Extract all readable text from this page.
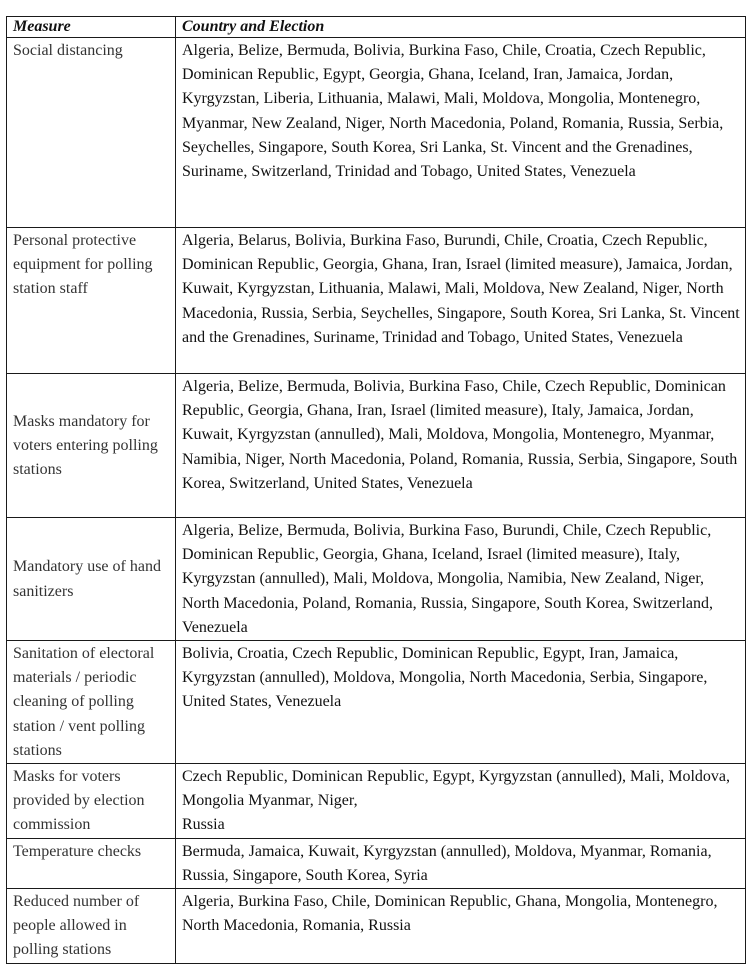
Measure	Country and Election
Social distancing	Algeria, Belize, Bermuda, Bolivia, Burkina Faso, Chile, Croatia, Czech Republic, Dominican Republic, Egypt, Georgia, Ghana, Iceland, Iran, Jamaica, Jordan, Kyrgyzstan, Liberia, Lithuania, Malawi, Mali, Moldova, Mongolia, Montenegro, Myanmar, New Zealand, Niger, North Macedonia, Poland, Romania, Russia, Serbia, Seychelles, Singapore, South Korea, Sri Lanka, St. Vincent and the Grenadines, Suriname, Switzerland, Trinidad and Tobago, United States, Venezuela
Personal protective equipment for polling station staff	Algeria, Belarus, Bolivia, Burkina Faso, Burundi, Chile, Croatia, Czech Republic, Dominican Republic, Georgia, Ghana, Iran, Israel (limited measure), Jamaica, Jordan, Kuwait, Kyrgyzstan, Lithuania, Malawi, Mali, Moldova, New Zealand, Niger, North Macedonia, Russia, Serbia, Seychelles, Singapore, South Korea, Sri Lanka, St. Vincent and the Grenadines, Suriname, Trinidad and Tobago, United States, Venezuela
Masks mandatory for voters entering polling stations	Algeria, Belize, Bermuda, Bolivia, Burkina Faso, Chile, Czech Republic, Dominican Republic, Georgia, Ghana, Iran, Israel (limited measure), Italy, Jamaica, Jordan, Kuwait, Kyrgyzstan (annulled), Mali, Moldova, Mongolia, Montenegro, Myanmar, Namibia, Niger, North Macedonia, Poland, Romania, Russia, Serbia, Singapore, South Korea, Switzerland, United States, Venezuela
Mandatory use of hand sanitizers	Algeria, Belize, Bermuda, Bolivia, Burkina Faso, Burundi, Chile, Czech Republic, Dominican Republic, Georgia, Ghana, Iceland, Israel (limited measure), Italy, Kyrgyzstan (annulled), Mali, Moldova, Mongolia, Namibia, New Zealand, Niger, North Macedonia, Poland, Romania, Russia, Singapore, South Korea, Switzerland, Venezuela
Sanitation of electoral materials / periodic cleaning of polling station / vent polling stations	Bolivia, Croatia, Czech Republic, Dominican Republic, Egypt, Iran, Jamaica, Kyrgyzstan (annulled), Moldova, Mongolia, North Macedonia, Serbia, Singapore, United States, Venezuela
Masks for voters provided by election commission	Czech Republic, Dominican Republic, Egypt, Kyrgyzstan (annulled), Mali, Moldova, Mongolia Myanmar, Niger,
Russia

Temperature checks	Bermuda, Jamaica, Kuwait, Kyrgyzstan (annulled), Moldova, Myanmar, Romania, Russia, Singapore, South Korea, Syria
Reduced number of people allowed in polling stations	Algeria, Burkina Faso, Chile, Dominican Republic, Ghana, Mongolia, Montenegro, North Macedonia, Romania, Russia
